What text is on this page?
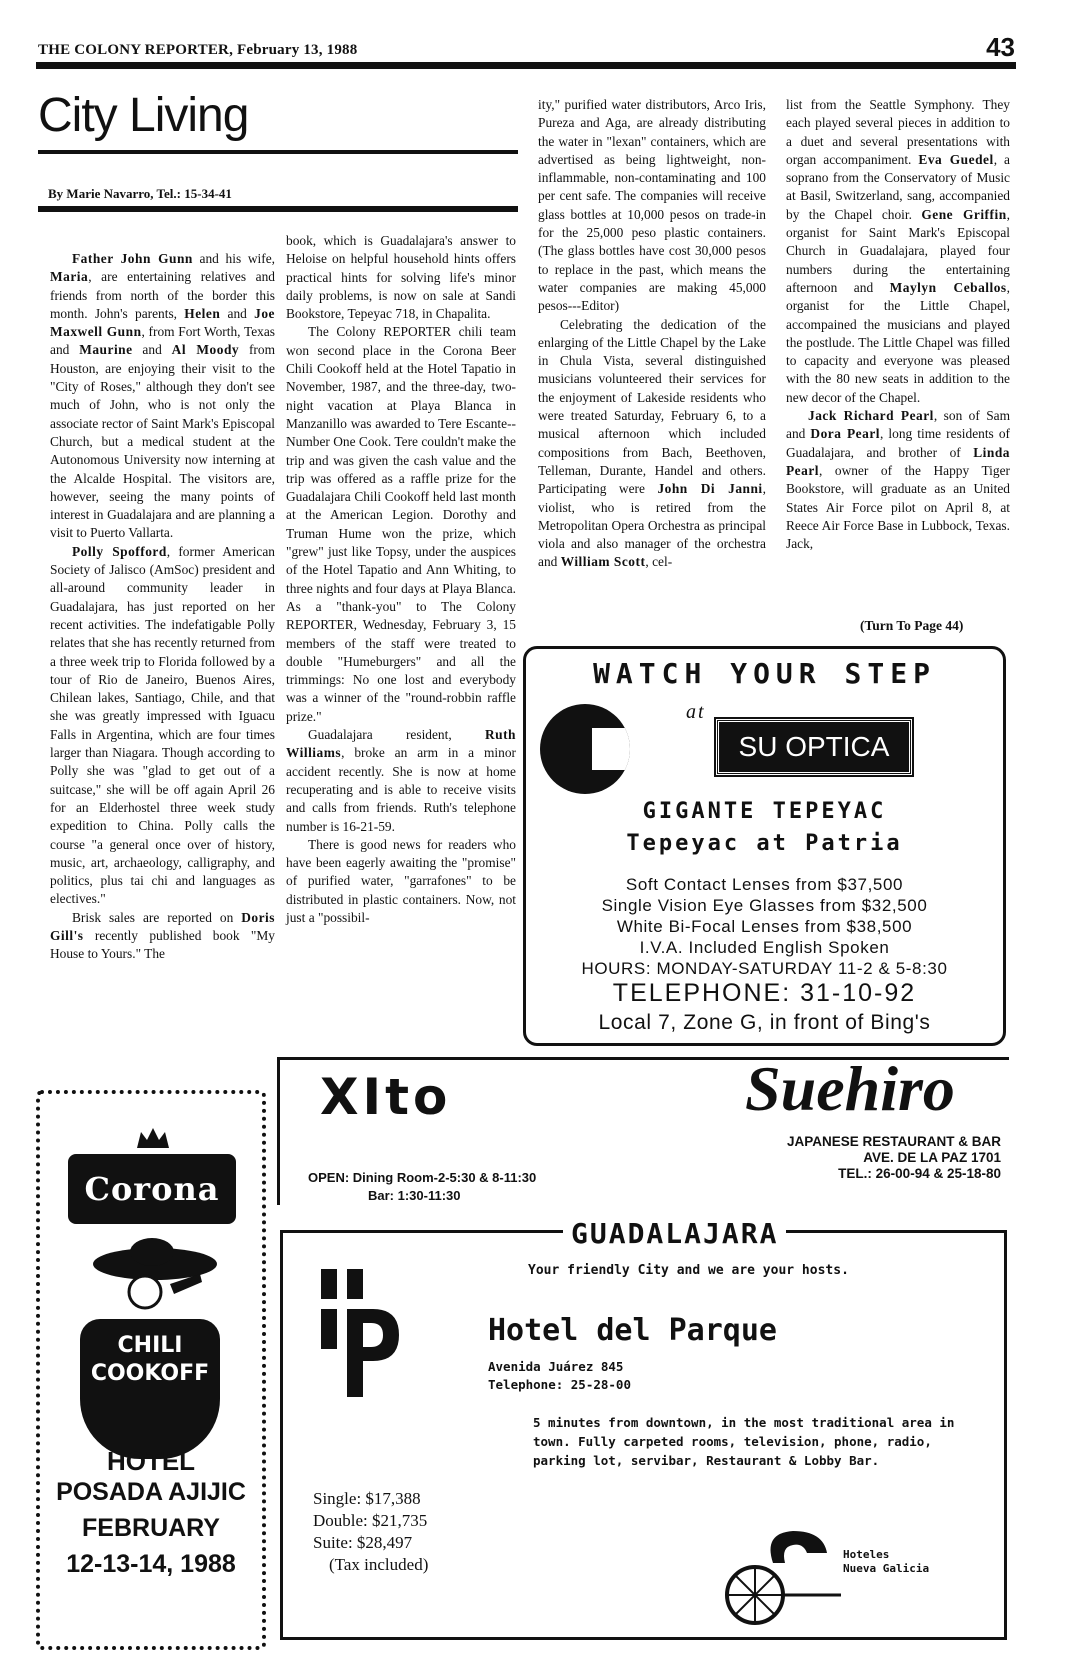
THE COLONY REPORTER, February 13, 1988	43
City Living
By Marie Navarro, Tel.: 15-34-41

Father John Gunn and his wife, Maria, are entertaining relatives and friends from north of the border this month. John's parents, Helen and Joe Maxwell Gunn, from Fort Worth, Texas and Maurine and Al Moody from Houston, are enjoying their visit to the "City of Roses," although they don't see much of John, who is not only the associate rector of Saint Mark's Episcopal Church, but a medical student at the Autonomous University now interning at the Alcalde Hospital. The visitors are, however, seeing the many points of interest in Guadalajara and are planning a visit to Puerto Vallarta.

Polly Spofford, former American Society of Jalisco (AmSoc) president and all-around community leader in Guadalajara, has just reported on her recent activities. The indefatigable Polly relates that she has recently returned from a three week trip to Florida followed by a tour of Rio de Janeiro, Buenos Aires, Chilean lakes, Santiago, Chile, and that she was greatly impressed with Iguacu Falls in Argentina, which are four times larger than Niagara. Though according to Polly she was "glad to get out of a suitcase," she will be off again April 26 for an Elderhostel three week study expedition to China. Polly calls the course "a general once over of history, music, art, archaeology, calligraphy, and politics, plus tai chi and languages as electives."

Brisk sales are reported on Doris Gill's recently published book "My House to Yours." The

book, which is Guadalajara's answer to Heloise on helpful household hints offers practical hints for solving life's minor daily problems, is now on sale at Sandi Bookstore, Tepeyac 718, in Chapalita.

The Colony REPORTER chili team won second place in the Corona Beer Chili Cookoff held at the Hotel Tapatio in November, 1987, and the three-day, two-night vacation at Playa Blanca in Manzanillo was awarded to Tere Escante--Number One Cook. Tere couldn't make the trip and was given the cash value and the trip was offered as a raffle prize for the Guadalajara Chili Cookoff held last month at the American Legion. Dorothy and Truman Hume won the prize, which "grew" just like Topsy, under the auspices of the Hotel Tapatio and Ann Whiting, to three nights and four days at Playa Blanca. As a "thank-you" to The Colony REPORTER, Wednesday, February 3, 15 members of the staff were treated to double "Humeburgers" and all the trimmings: No one lost and everybody was a winner of the "round-robbin raffle prize."

Guadalajara resident, Ruth Williams, broke an arm in a minor accident recently. She is now at home recuperating and is able to receive visits and calls from friends. Ruth's telephone number is 16-21-59.

There is good news for readers who have been eagerly awaiting the "promise" of purified water, "garrafones" to be distributed in plastic containers. Now, not just a "possibil-

ity," purified water distributors, Arco Iris, Pureza and Aga, are already distributing the water in "lexan" containers, which are advertised as being lightweight, non-inflammable, non-contaminating and 100 per cent safe. The companies will receive glass bottles at 10,000 pesos on trade-in for the 25,000 peso plastic containers. (The glass bottles have cost 30,000 pesos to replace in the past, which means the water companies are making 45,000 pesos---Editor)

Celebrating the dedication of the enlarging of the Little Chapel by the Lake in Chula Vista, several distinguished musicians volunteered their services for the enjoyment of Lakeside residents who were treated Saturday, February 6, to a musical afternoon which included compositions from Bach, Beethoven, Telleman, Durante, Handel and others. Participating were John Di Janni, violist, who is retired from the Metropolitan Opera Orchestra as principal viola and also manager of the orchestra and William Scott, cel-

list from the Seattle Symphony. They each played several pieces in addition to a duet and several presentations with organ accompaniment. Eva Guedel, a soprano from the Conservatory of Music at Basil, Switzerland, sang, accompanied by the Chapel choir. Gene Griffin, organist for Saint Mark's Episcopal Church in Guadalajara, played four numbers during the entertaining afternoon and Maylyn Ceballos, organist for the Little Chapel, accompained the musicians and played the postlude. The Little Chapel was filled to capacity and everyone was pleased with the 80 new seats in addition to the new decor of the Chapel.

Jack Richard Pearl, son of Sam and Dora Pearl, long time residents of Guadalajara, and brother of Linda Pearl, owner of the Happy Tiger Bookstore, will graduate as an United States Air Force pilot on April 8, at Reece Air Force Base in Lubbock, Texas. Jack,

(Turn To Page 44)
WATCH YOUR STEP
at
SU OPTICA
GIGANTE TEPEYAC
Tepeyac at Patria
Soft Contact Lenses from $37,500
Single Vision Eye Glasses from $32,500
White Bi-Focal Lenses from $38,500
I.V.A. Included English Spoken
HOURS: MONDAY-SATURDAY 11-2 & 5-8:30
TELEPHONE: 31-10-92
Local 7, Zone G, in front of Bing's
XIto
OPEN: Dining Room-2-5:30 & 8-11:30
Bar: 1:30-11:30
Suehiro
JAPANESE RESTAURANT & BAR
AVE. DE LA PAZ 1701
TEL.: 26-00-94 & 25-18-80
Corona
CHILI
COOKOFF
HOTEL
POSADA AJIJIC
FEBRUARY
12-13-14, 1988
GUADALAJARA
Your friendly City and we are your hosts.
Hotel del Parque
Avenida Juárez 845
Telephone: 25-28-00
5 minutes from downtown, in the most traditional area in town. Fully carpeted rooms, television, phone, radio, parking lot, servibar, Restaurant & Lobby Bar.
Single: $17,388
Double: $21,735
Suite: $28,497
(Tax included)
Hoteles
Nueva Galicia
